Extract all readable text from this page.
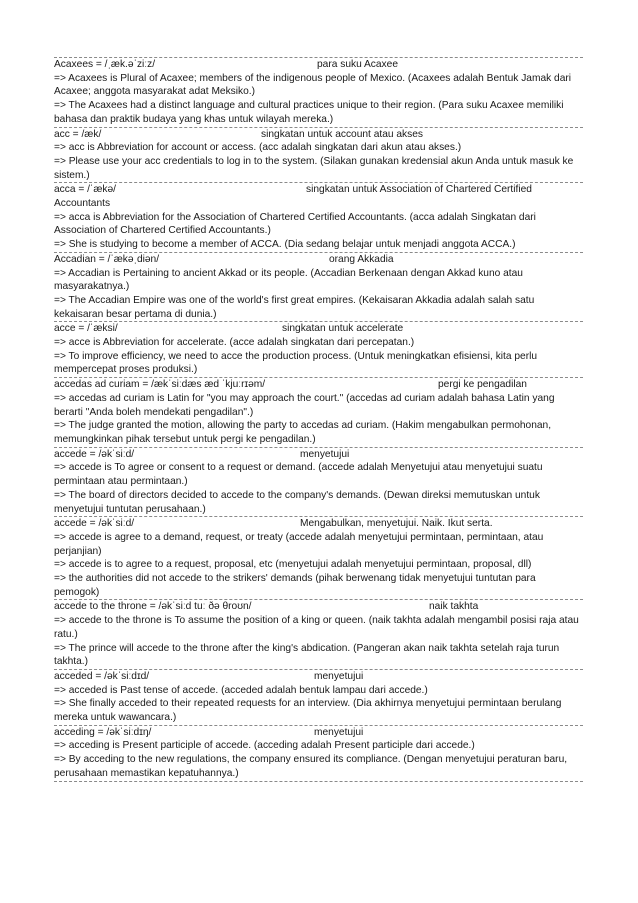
Acaxees = /ˌæk.əˈziːz/	para suku Acaxee
=> Acaxees is Plural of Acaxee; members of the indigenous people of Mexico. (Acaxees adalah Bentuk Jamak dari Acaxee; anggota masyarakat adat Meksiko.)
=> The Acaxees had a distinct language and cultural practices unique to their region. (Para suku Acaxee memiliki bahasa dan praktik budaya yang khas untuk wilayah mereka.)
acc = /æk/	singkatan untuk account atau akses
=> acc is Abbreviation for account or access. (acc adalah singkatan dari akun atau akses.)
=> Please use your acc credentials to log in to the system. (Silakan gunakan kredensial akun Anda untuk masuk ke sistem.)
acca = /ˈækə/	singkatan untuk Association of Chartered Certified
Accountants
=> acca is Abbreviation for the Association of Chartered Certified Accountants. (acca adalah Singkatan dari Association of Chartered Certified Accountants.)
=> She is studying to become a member of ACCA. (Dia sedang belajar untuk menjadi anggota ACCA.)
Accadian = /ˈækəˌdiən/	orang Akkadia
=> Accadian is Pertaining to ancient Akkad or its people. (Accadian Berkenaan dengan Akkad kuno atau masyarakatnya.)
=> The Accadian Empire was one of the world's first great empires. (Kekaisaran Akkadia adalah salah satu kekaisaran besar pertama di dunia.)
acce = /ˈæksi/	singkatan untuk accelerate
=> acce is Abbreviation for accelerate. (acce adalah singkatan dari percepatan.)
=> To improve efficiency, we need to acce the production process. (Untuk meningkatkan efisiensi, kita perlu mempercepat proses produksi.)
accedas ad curiam = /ækˈsiːdæs æd ˈkjuːrɪəm/	pergi ke pengadilan
=> accedas ad curiam is Latin for "you may approach the court." (accedas ad curiam adalah bahasa Latin yang berarti "Anda boleh mendekati pengadilan".)
=> The judge granted the motion, allowing the party to accedas ad curiam. (Hakim mengabulkan permohonan, memungkinkan pihak tersebut untuk pergi ke pengadilan.)
accede = /əkˈsiːd/	menyetujui
=> accede is To agree or consent to a request or demand. (accede adalah Menyetujui atau menyetujui suatu permintaan atau permintaan.)
=> The board of directors decided to accede to the company's demands. (Dewan direksi memutuskan untuk menyetujui tuntutan perusahaan.)
accede = /əkˈsiːd/	Mengabulkan, menyetujui. Naik. Ikut serta.
=> accede is agree to a demand, request, or treaty (accede adalah menyetujui permintaan, permintaan, atau perjanjian)
=> accede is to agree to a request, proposal, etc (menyetujui adalah menyetujui permintaan, proposal, dll)
=> the authorities did not accede to the strikers' demands (pihak berwenang tidak menyetujui tuntutan para pemogok)
accede to the throne = /əkˈsiːd tuː ðə θroʊn/	naik takhta
=> accede to the throne is To assume the position of a king or queen. (naik takhta adalah mengambil posisi raja atau ratu.)
=> The prince will accede to the throne after the king's abdication. (Pangeran akan naik takhta setelah raja turun takhta.)
acceded = /əkˈsiːdɪd/	menyetujui
=> acceded is Past tense of accede. (acceded adalah bentuk lampau dari accede.)
=> She finally acceded to their repeated requests for an interview. (Dia akhirnya menyetujui permintaan berulang mereka untuk wawancara.)
acceding = /əkˈsiːdɪŋ/	menyetujui
=> acceding is Present participle of accede. (acceding adalah Present participle dari accede.)
=> By acceding to the new regulations, the company ensured its compliance. (Dengan menyetujui peraturan baru, perusahaan memastikan kepatuhannya.)
